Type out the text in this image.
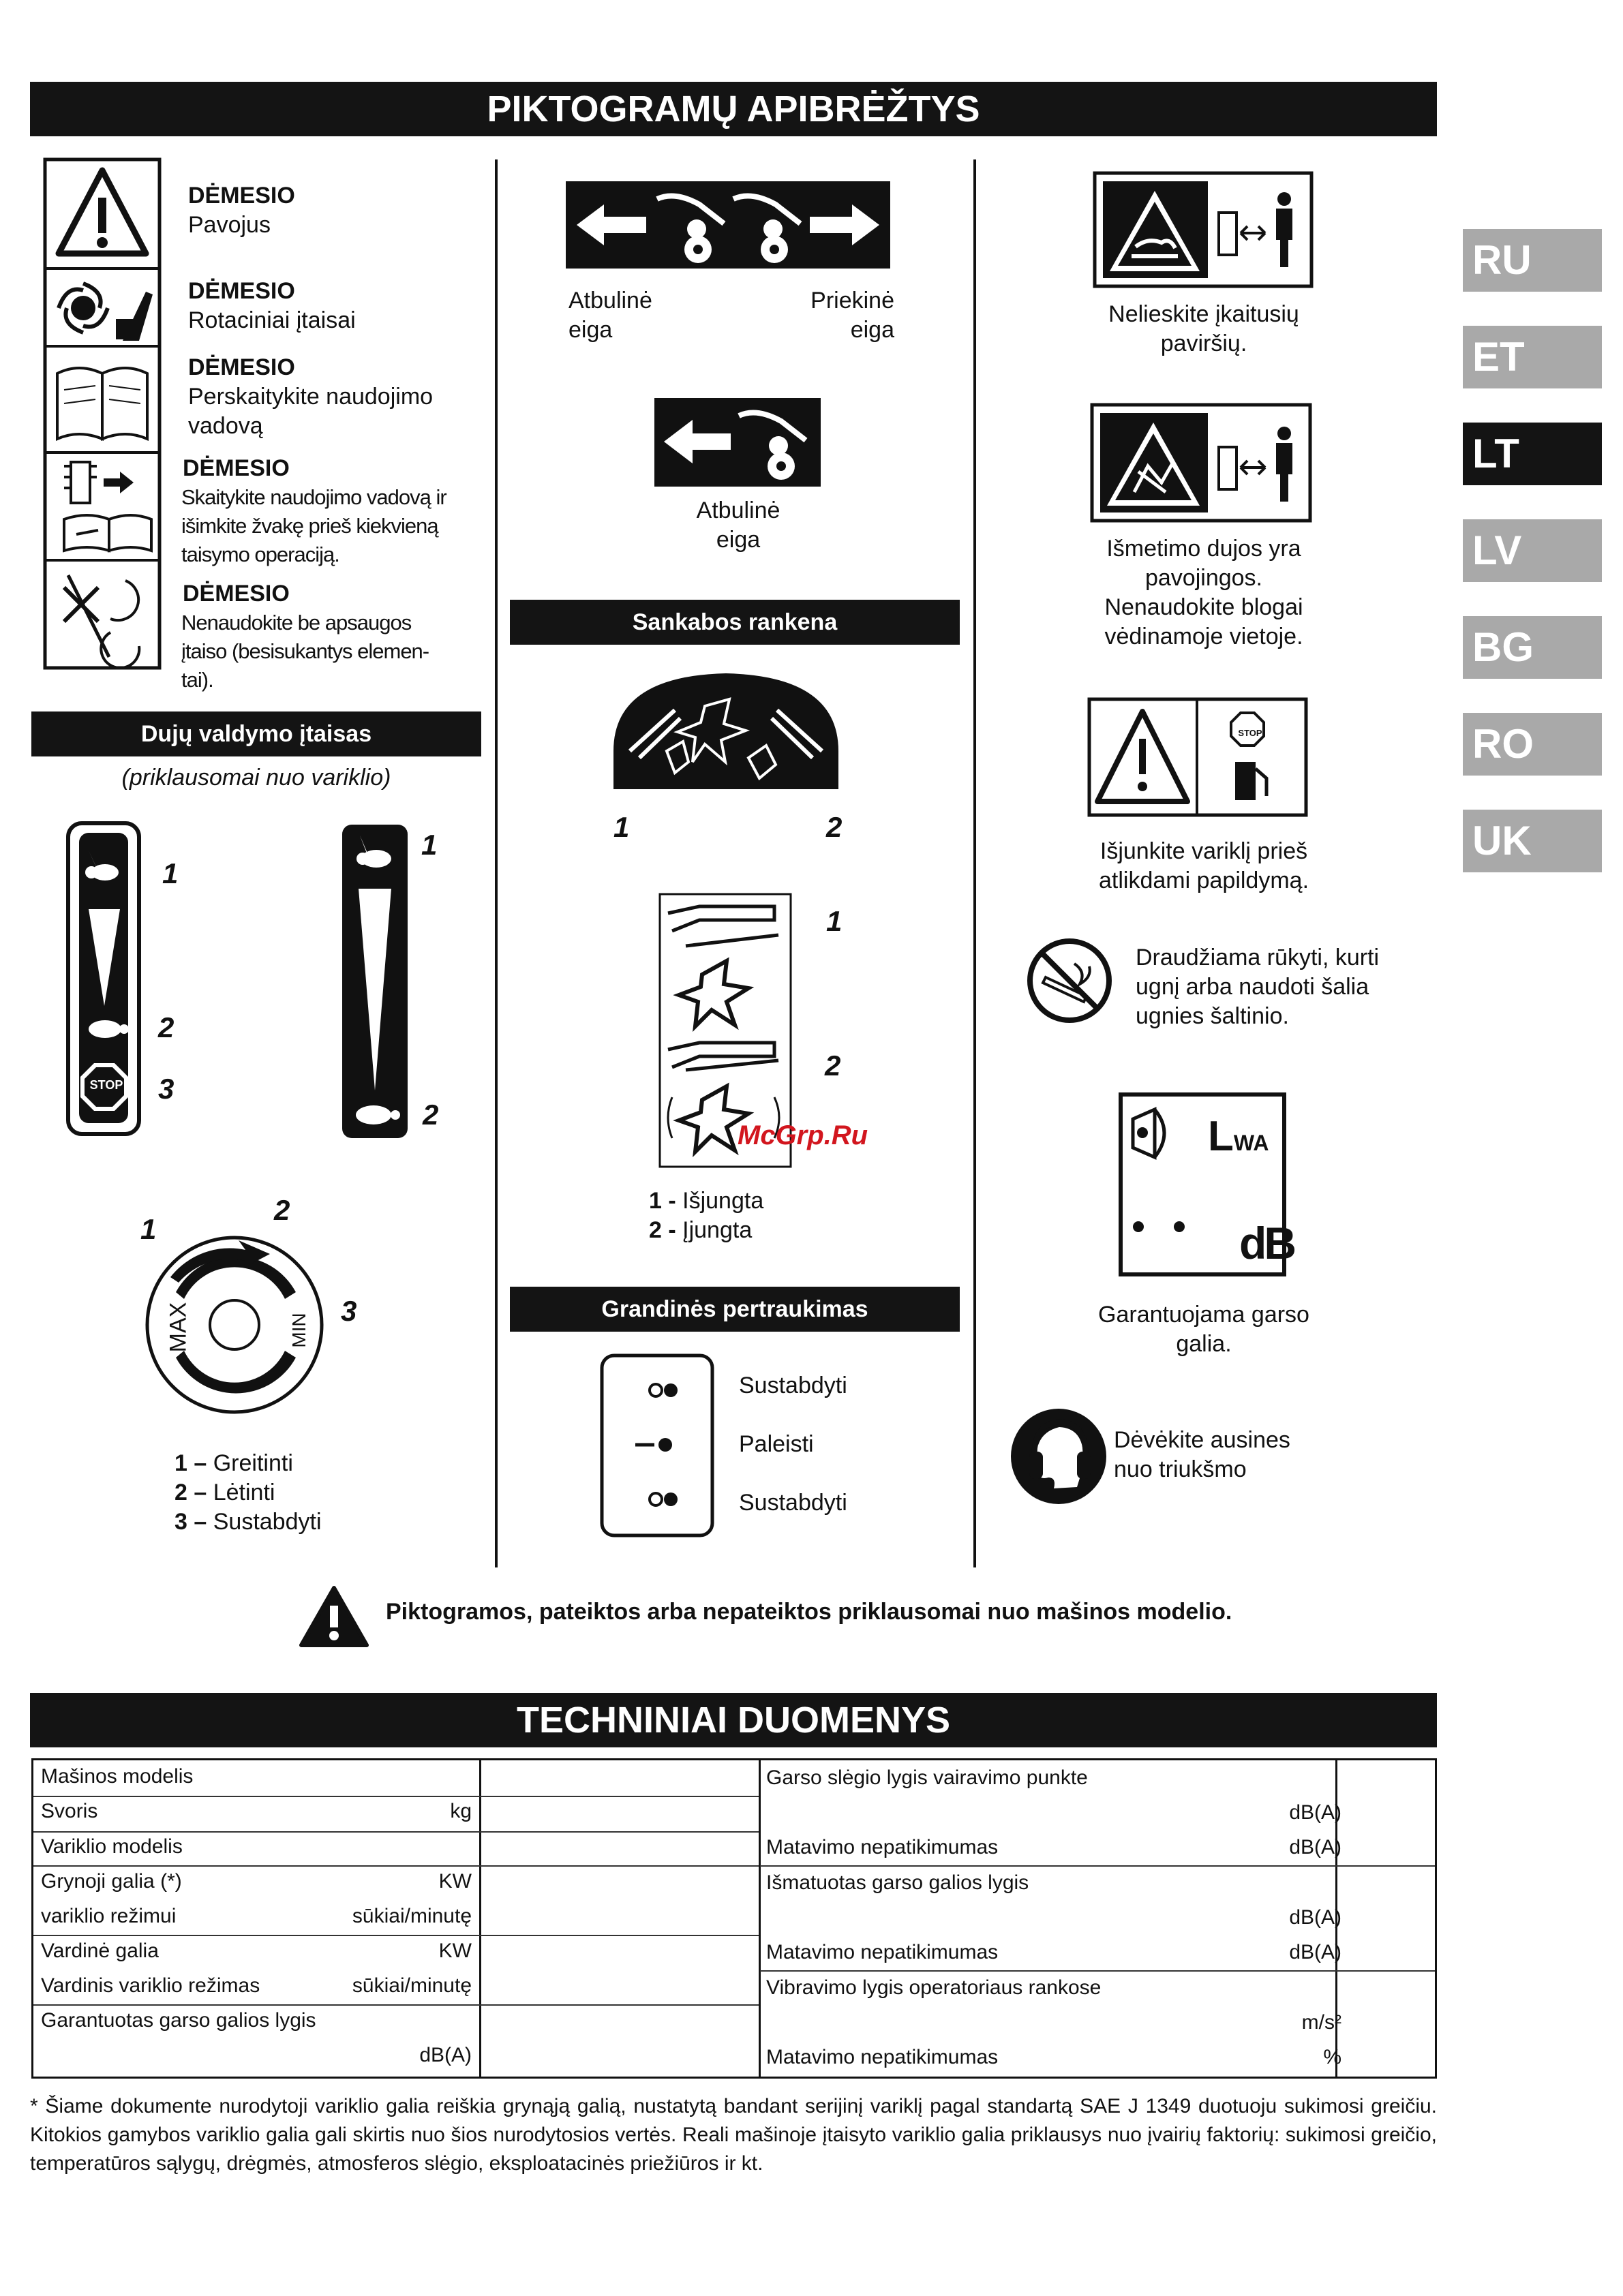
PIKTOGRAMŲ APIBRĖŽTYS
RU
ET
LT
LV
BG
RO
UK
DĖMESIO
Pavojus
DĖMESIO
Rotaciniai įtaisai
DĖMESIO
Perskaitykite naudojimo
vadovą
DĖMESIO
Skaitykite naudojimo vadovą ir
išimkite žvakę prieš kiekvieną
taisymo operaciją.
DĖMESIO
Nenaudokite be apsaugos
įtaiso (besisukantys elemen-
tai).
Dujų valdymo įtaisas
(priklausomai nuo variklio)
STOP
1
2
3
1
2
MAX	MIN
1
2
3
1 – Greitinti
2 – Lėtinti
3 – Sustabdyti
Atbulinė
eiga
Priekinė
eiga
Atbulinė
eiga
Sankabos rankena
1	2
1
2
McGrp.Ru
1 - Išjungta
2 - Įjungta
Grandinės pertraukimas
Sustabdyti
Paleisti
Sustabdyti
Nelieskite įkaitusių
paviršių.
Išmetimo dujos yra
pavojingos.
Nenaudokite blogai
vėdinamoje vietoje.
STOP
Išjunkite variklį prieš
atlikdami papildymą.
Draudžiama rūkyti, kurti
ugnį arba naudoti šalia
ugnies šaltinio.
LWA
dB
Garantuojama garso
galia.
Dėvėkite ausines
nuo triukšmo
Piktogramos, pateiktos arba nepateiktos priklausomai nuo mašinos modelio.
TECHNINIAI DUOMENYS
Mašinos modelis
Svoris	kg
Variklio modelis
Grynoji galia (*)	KW
variklio režimui	sūkiai/minutę
Vardinė galia	KW
Vardinis variklio režimas	sūkiai/minutę
Garantuotas garso galios lygis
dB(A)
Garso slėgio lygis vairavimo punkte
dB(A)
Matavimo nepatikimumas	dB(A)
Išmatuotas garso galios lygis
dB(A)
Matavimo nepatikimumas	dB(A)
Vibravimo lygis operatoriaus rankose
m/s²
Matavimo nepatikimumas	%
* Šiame dokumente nurodytoji variklio galia reiškia grynąją galią, nustatytą bandant serijinį variklį pagal standartą SAE J 1349 duotuoju sukimosi greičiu. Kitokios gamybos variklio galia gali skirtis nuo šios nurodytosios vertės. Reali mašinoje įtaisyto variklio galia priklausys nuo įvairių faktorių: sukimosi greičio, temperatūros sąlygų, drėgmės, atmosferos slėgio, eksploatacinės priežiūros ir kt.
